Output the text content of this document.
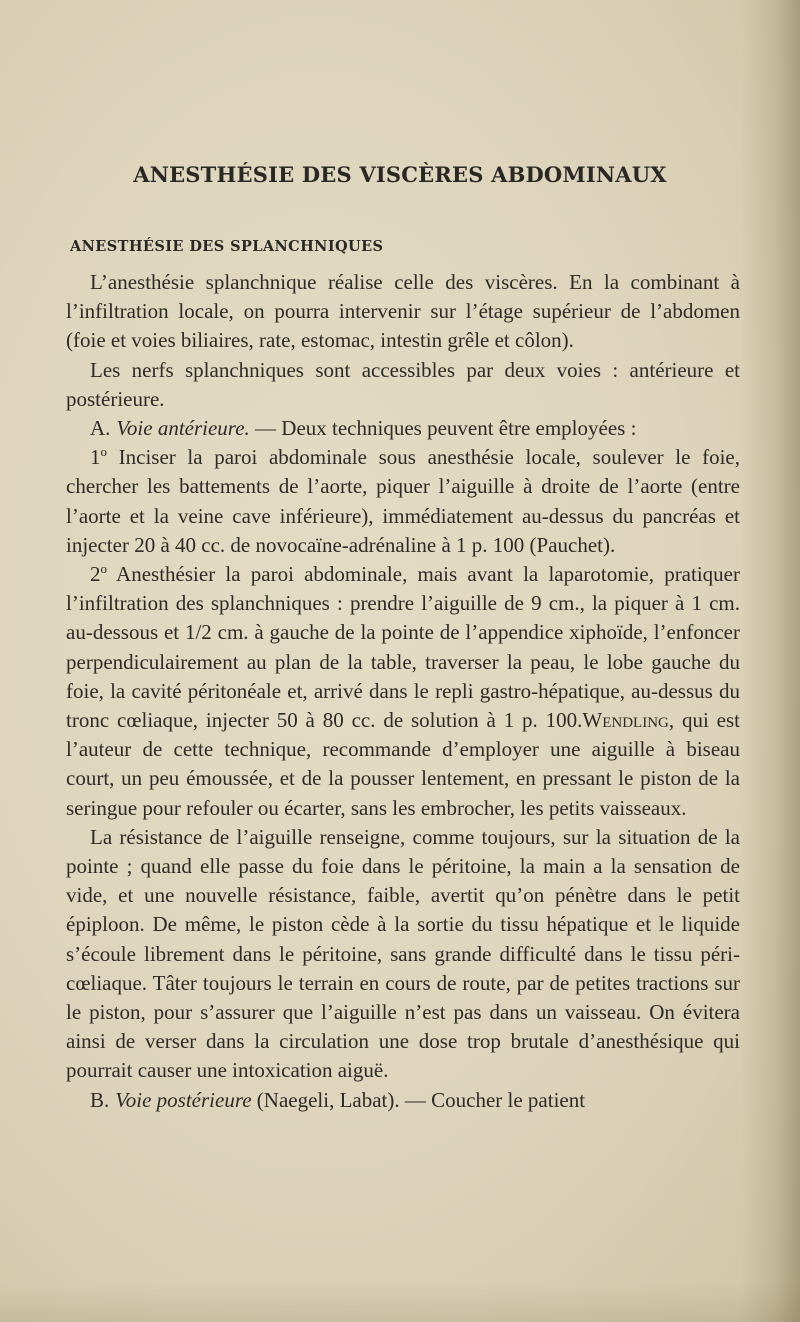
ANESTHÉSIE DES VISCÈRES ABDOMINAUX
ANESTHÉSIE DES SPLANCHNIQUES

L’anesthésie splanchnique réalise celle des viscères. En la combinant à l’infiltration locale, on pourra intervenir sur l’étage supérieur de l’abdomen (foie et voies biliaires, rate, estomac, intestin grêle et côlon).

Les nerfs splanchniques sont accessibles par deux voies : antérieure et postérieure.

A. Voie antérieure. — Deux techniques peuvent être employées :

1$^o$ Inciser la paroi abdominale sous anesthésie locale, soulever le foie, chercher les battements de l’aorte, piquer l’aiguille à droite de l’aorte (entre l’aorte et la veine cave inférieure), immédiatement au-dessus du pancréas et injecter 20 à 40 cc. de novocaïne-adrénaline à 1 p. 100 (Pauchet).

2$^o$ Anesthésier la paroi abdominale, mais avant la laparotomie, pratiquer l’infiltration des splanchniques : prendre l’aiguille de 9 cm., la piquer à 1 cm. au-dessous et 1/2 cm. à gauche de la pointe de l’appendice xiphoïde, l’enfoncer perpendiculairement au plan de la table, traverser la peau, le lobe gauche du foie, la cavité péritonéale et, arrivé dans le repli gastro-hépatique, au-dessus du tronc cœliaque, injecter 50 à 80 cc. de solution à 1 p. 100.Wendling, qui est l’auteur de cette technique, recommande d’employer une aiguille à biseau court, un peu émoussée, et de la pousser lentement, en pressant le piston de la seringue pour refouler ou écarter, sans les embrocher, les petits vaisseaux.

La résistance de l’aiguille renseigne, comme toujours, sur la situation de la pointe ; quand elle passe du foie dans le péritoine, la main a la sensation de vide, et une nouvelle résistance, faible, avertit qu’on pénètre dans le petit épiploon. De même, le piston cède à la sortie du tissu hépatique et le liquide s’écoule librement dans le péritoine, sans grande difficulté dans le tissu péri-cœliaque. Tâter toujours le terrain en cours de route, par de petites tractions sur le piston, pour s’assurer que l’aiguille n’est pas dans un vaisseau. On évitera ainsi de verser dans la circulation une dose trop brutale d’anesthésique qui pourrait causer une intoxication aiguë.

B. Voie postérieure (Naegeli, Labat). — Coucher le patient
